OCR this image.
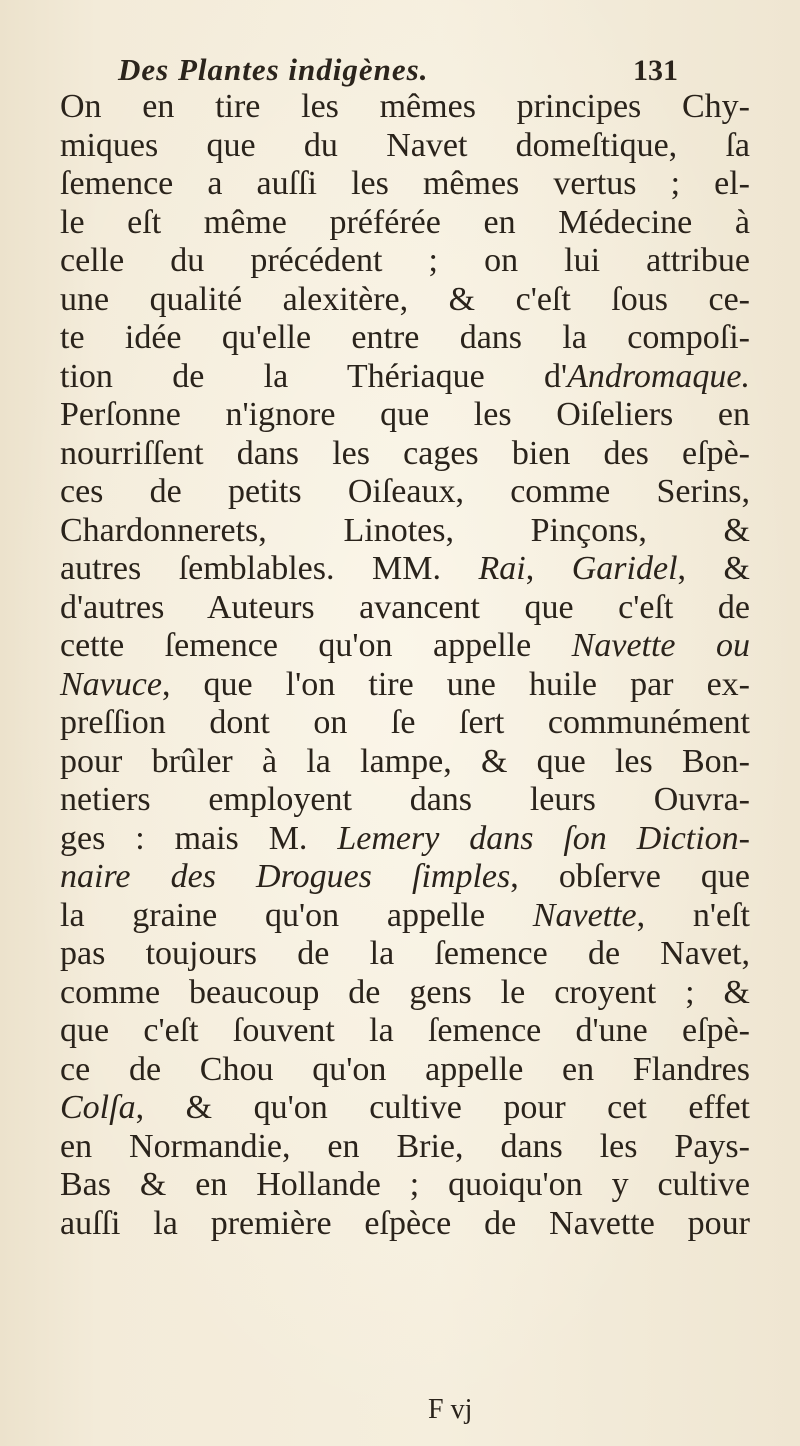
Des Plantes indigènes.	131
On en tire les mêmes principes Chy-
miques que du Navet domeſtique, ſa
ſemence a auſſi les mêmes vertus ; el-
le eſt même préférée en Médecine à
celle du précédent ; on lui attribue
une qualité alexitère, & c'eſt ſous ce-
te idée qu'elle entre dans la compoſi-
tion de la Thériaque d'Andromaque.
Perſonne n'ignore que les Oiſeliers en
nourriſſent dans les cages bien des eſpè-
ces de petits Oiſeaux, comme Serins,
Chardonnerets, Linotes, Pinçons, &
autres ſemblables. MM. Rai, Garidel, &
d'autres Auteurs avancent que c'eſt de
cette ſemence qu'on appelle Navette ou
Navuce, que l'on tire une huile par ex-
preſſion dont on ſe ſert communément
pour brûler à la lampe, & que les Bon-
netiers employent dans leurs Ouvra-
ges : mais M. Lemery dans ſon Diction-
naire des Drogues ſimples, obſerve que
la graine qu'on appelle Navette, n'eſt
pas toujours de la ſemence de Navet,
comme beaucoup de gens le croyent ; &
que c'eſt ſouvent la ſemence d'une eſpè-
ce de Chou qu'on appelle en Flandres
Colſa, & qu'on cultive pour cet effet
en Normandie, en Brie, dans les Pays-
Bas & en Hollande ; quoiqu'on y cultive
auſſi la première eſpèce de Navette pour
F vj
